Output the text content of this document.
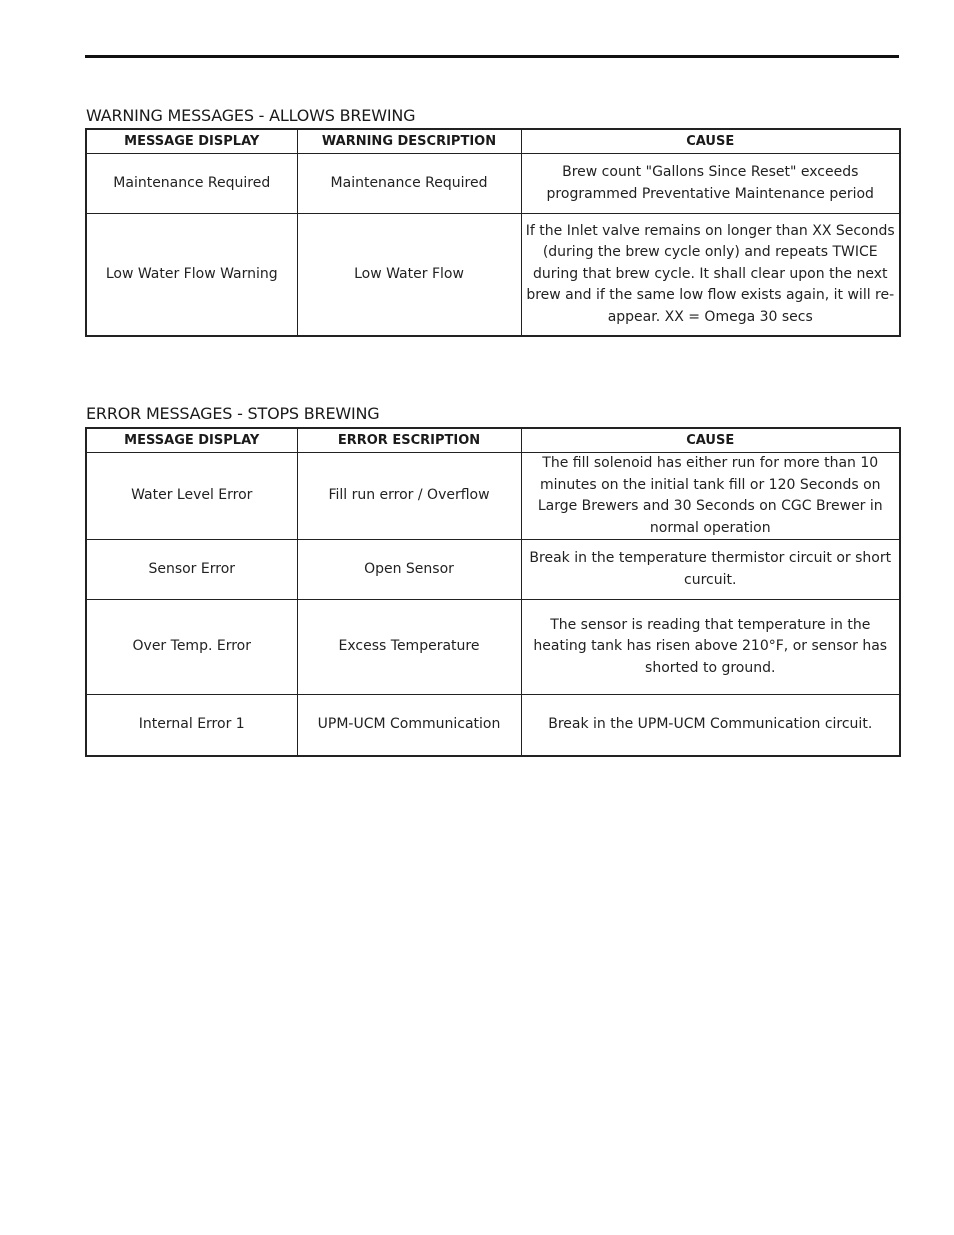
WARNING MESSAGES - ALLOWS BREWING
MESSAGE DISPLAY	WARNING DESCRIPTION	CAUSE
Maintenance Required	Maintenance Required	Brew count "Gallons Since Reset" exceeds programmed Preventative Maintenance period
Low Water Flow Warning	Low Water Flow	If the Inlet valve remains on longer than XX Seconds (during the brew cycle only) and repeats TWICE during that brew cycle. It shall clear upon the next brew and if the same low flow exists again, it will re-appear. XX = Omega 30 secs
ERROR MESSAGES - STOPS BREWING
MESSAGE DISPLAY	ERROR ESCRIPTION	CAUSE
Water Level Error	Fill run error / Overflow	The fill solenoid has either run for more than 10 minutes on the initial tank fill or 120 Seconds on Large Brewers and 30 Seconds on CGC Brewer in normal operation
Sensor Error	Open Sensor	Break in the temperature thermistor circuit or short curcuit.
Over Temp. Error	Excess Temperature	The sensor is reading that temperature in the heating tank has risen above 210°F, or sensor has shorted to ground.
Internal Error 1	UPM-UCM Communication	Break in the UPM-UCM Communication circuit.
